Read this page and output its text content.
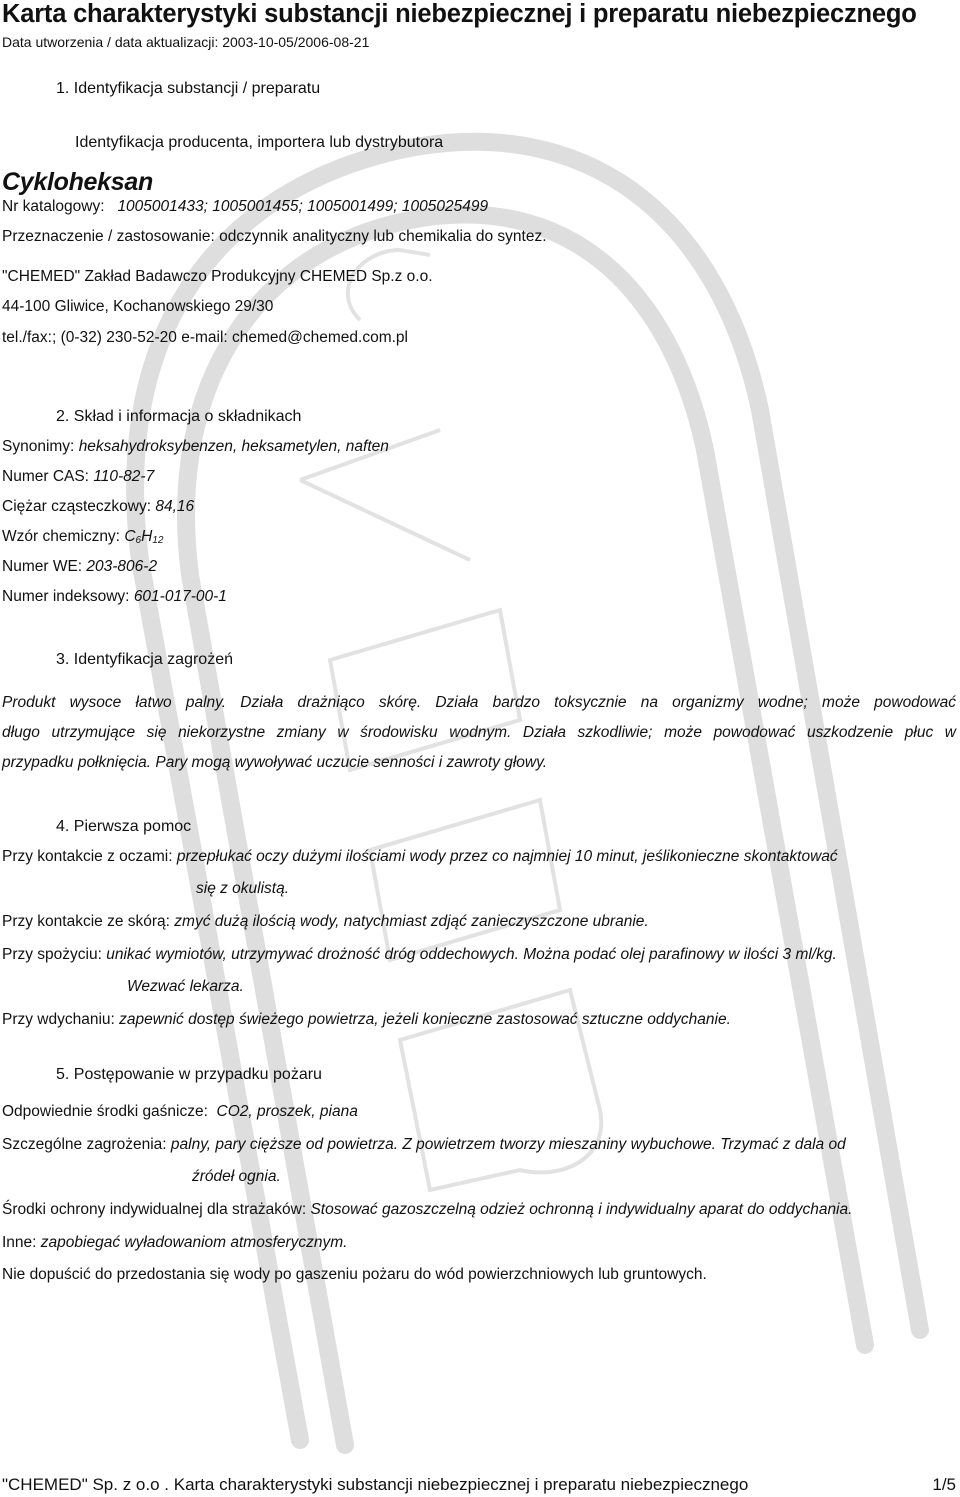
Karta charakterystyki substancji niebezpiecznej i preparatu niebezpiecznego
Data utworzenia / data aktualizacji: 2003-10-05/2006-08-21
1. Identyfikacja substancji / preparatu
Identyfikacja producenta, importera lub dystrybutora
Cykloheksan
Nr katalogowy: 1005001433; 1005001455; 1005001499; 1005025499
Przeznaczenie / zastosowanie: odczynnik analityczny lub chemikalia do syntez.
"CHEMED" Zakład Badawczo Produkcyjny CHEMED Sp.z o.o.
44-100 Gliwice, Kochanowskiego 29/30
tel./fax:; (0-32) 230-52-20 e-mail: chemed@chemed.com.pl
2. Skład i informacja o składnikach
Synonimy: heksahydroksybenzen, heksametylen, naften
Numer CAS: 110-82-7
Ciężar cząsteczkowy: 84,16
Wzór chemiczny: $C_6H_{12}$
Numer WE: 203-806-2
Numer indeksowy: 601-017-00-1
3. Identyfikacja zagrożeń
Produkt wysoce łatwo palny. Działa drażniąco skórę. Działa bardzo toksycznie na organizmy wodne; może powodować
długo utrzymujące się niekorzystne zmiany w środowisku wodnym. Działa szkodliwie; może powodować uszkodzenie płuc w
przypadku połknięcia. Pary mogą wywoływać uczucie senności i zawroty głowy.
4. Pierwsza pomoc
Przy kontakcie z oczami: przepłukać oczy dużymi ilościami wody przez co najmniej 10 minut, jeślikonieczne skontaktować
się z okulistą.
Przy kontakcie ze skórą: zmyć dużą ilością wody, natychmiast zdjąć zanieczyszczone ubranie.
Przy spożyciu: unikać wymiotów, utrzymywać drożność dróg oddechowych. Można podać olej parafinowy w ilości 3 ml/kg.
Wezwać lekarza.
Przy wdychaniu: zapewnić dostęp świeżego powietrza, jeżeli konieczne zastosować sztuczne oddychanie.
5. Postępowanie w przypadku pożaru
Odpowiednie środki gaśnicze: CO2, proszek, piana
Szczególne zagrożenia: palny, pary cięższe od powietrza. Z powietrzem tworzy mieszaniny wybuchowe. Trzymać z dala od
źródeł ognia.
Środki ochrony indywidualnej dla strażaków: Stosować gazoszczelną odzież ochronną i indywidualny aparat do oddychania.
Inne: zapobiegać wyładowaniom atmosferycznym.
Nie dopuścić do przedostania się wody po gaszeniu pożaru do wód powierzchniowych lub gruntowych.
"CHEMED" Sp. z o.o . Karta charakterystyki substancji niebezpiecznej i preparatu niebezpiecznego	1/5
